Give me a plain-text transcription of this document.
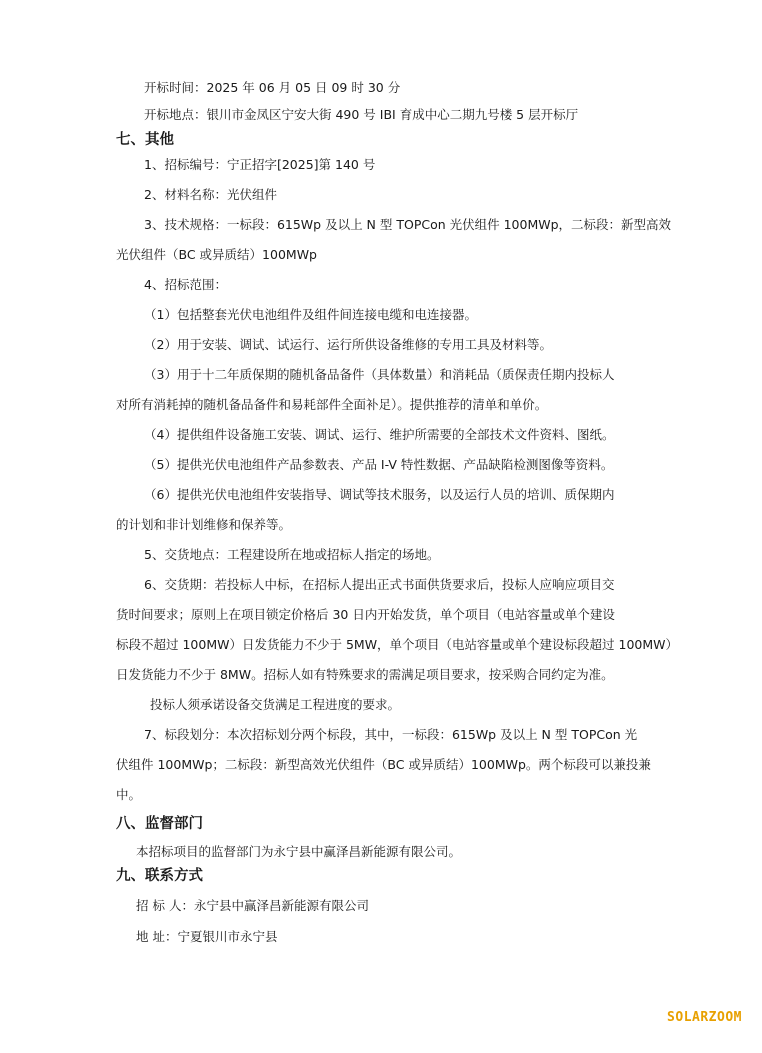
开标时间：2025 年 06 月 05 日 09 时 30 分
开标地点：银川市金凤区宁安大街 490 号 IBI 育成中心二期九号楼 5 层开标厅
七、其他
1、招标编号：宁正招字[2025]第 140 号
2、材料名称：光伏组件
3、技术规格：一标段：615Wp 及以上 N 型 TOPCon 光伏组件 100MWp，二标段：新型高效
光伏组件（BC 或异质结）100MWp
4、招标范围：
（1）包括整套光伏电池组件及组件间连接电缆和电连接器。
（2）用于安装、调试、试运行、运行所供设备维修的专用工具及材料等。
（3）用于十二年质保期的随机备品备件（具体数量）和消耗品（质保责任期内投标人
对所有消耗掉的随机备品备件和易耗部件全面补足）。提供推荐的清单和单价。
（4）提供组件设备施工安装、调试、运行、维护所需要的全部技术文件资料、图纸。
（5）提供光伏电池组件产品参数表、产品 I-V 特性数据、产品缺陷检测图像等资料。
（6）提供光伏电池组件安装指导、调试等技术服务，以及运行人员的培训、质保期内
的计划和非计划维修和保养等。
5、交货地点：工程建设所在地或招标人指定的场地。
6、交货期：若投标人中标，在招标人提出正式书面供货要求后，投标人应响应项目交
货时间要求；原则上在项目锁定价格后 30 日内开始发货，单个项目（电站容量或单个建设
标段不超过 100MW）日发货能力不少于 5MW，单个项目（电站容量或单个建设标段超过 100MW）
日发货能力不少于 8MW。招标人如有特殊要求的需满足项目要求，按采购合同约定为准。
投标人须承诺设备交货满足工程进度的要求。
7、标段划分：本次招标划分两个标段，其中，一标段：615Wp 及以上 N 型 TOPCon 光
伏组件 100MWp；二标段：新型高效光伏组件（BC 或异质结）100MWp。两个标段可以兼投兼
中。
八、监督部门
本招标项目的监督部门为永宁县中赢泽昌新能源有限公司。
九、联系方式
招 标 人：永宁县中赢泽昌新能源有限公司
地 址：宁夏银川市永宁县
SOLARZOOM
